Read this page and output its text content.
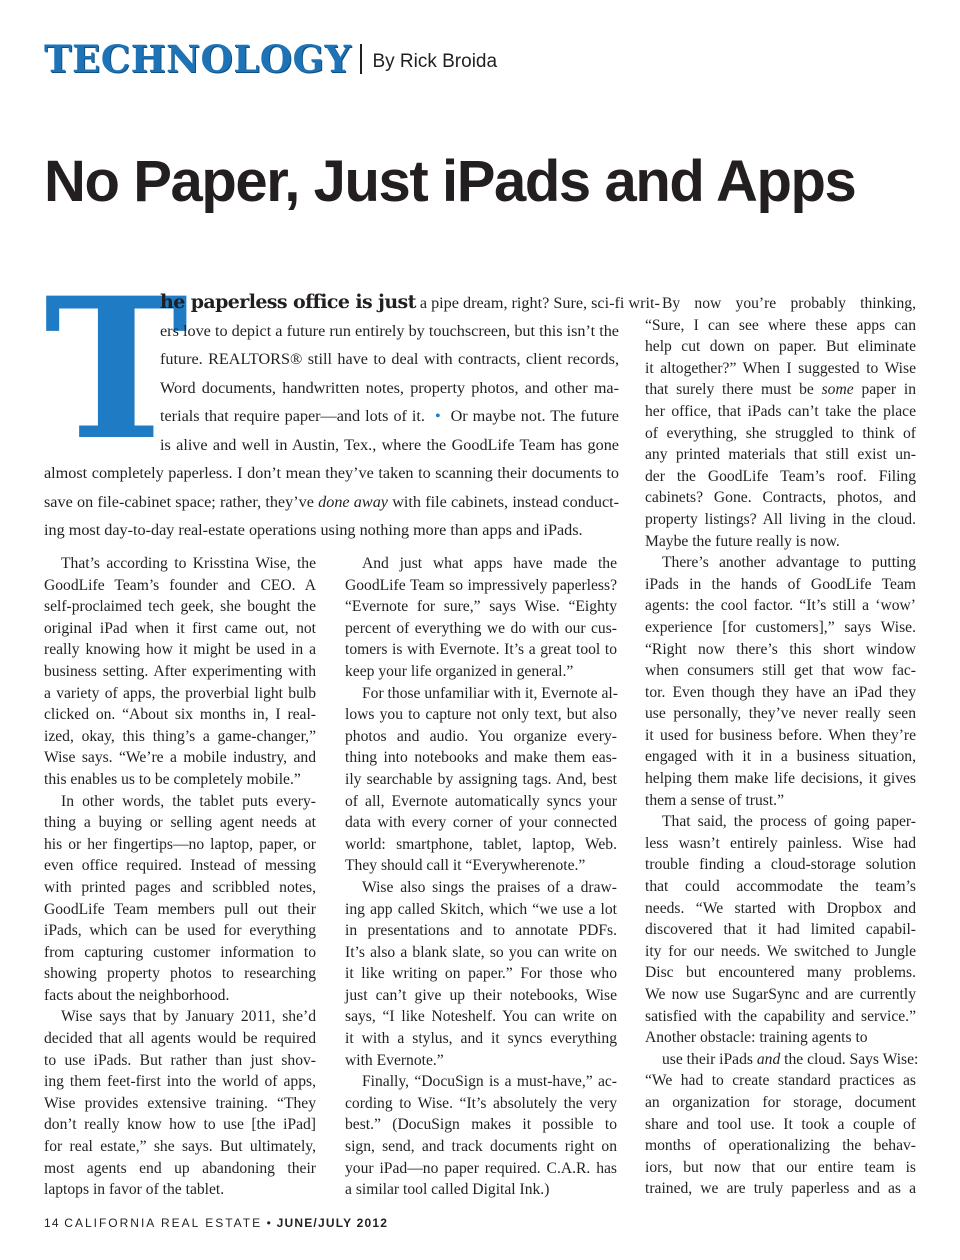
TECHNOLOGY By Rick Broida
No Paper, Just iPads and Apps
T
he paperless office is just a pipe dream, right? Sure, sci-fi writ-
ers love to depict a future run entirely by touchscreen, but this isn’t the
future. REALTORS® still have to deal with contracts, client records,
Word documents, handwritten notes, property photos, and other ma-
terials that require paper—and lots of it. • Or maybe not. The future
is alive and well in Austin, Tex., where the GoodLife Team has gone
almost completely paperless. I don’t mean they’ve taken to scanning their documents to
save on file-cabinet space; rather, they’ve done away with file cabinets, instead conduct-
ing most day-to-day real-estate operations using nothing more than apps and iPads.
That’s according to Krisstina Wise, the
GoodLife Team’s founder and CEO. A
self-proclaimed tech geek, she bought the
original iPad when it first came out, not
really knowing how it might be used in a
business setting. After experimenting with
a variety of apps, the proverbial light bulb
clicked on. “About six months in, I real-
ized, okay, this thing’s a game-changer,”
Wise says. “We’re a mobile industry, and
this enables us to be completely mobile.”
In other words, the tablet puts every-
thing a buying or selling agent needs at
his or her fingertips—no laptop, paper, or
even office required. Instead of messing
with printed pages and scribbled notes,
GoodLife Team members pull out their
iPads, which can be used for everything
from capturing customer information to
showing property photos to researching
facts about the neighborhood.
Wise says that by January 2011, she’d
decided that all agents would be required
to use iPads. But rather than just shov-
ing them feet-first into the world of apps,
Wise provides extensive training. “They
don’t really know how to use [the iPad]
for real estate,” she says. But ultimately,
most agents end up abandoning their
laptops in favor of the tablet.
And just what apps have made the
GoodLife Team so impressively paperless?
“Evernote for sure,” says Wise. “Eighty
percent of everything we do with our cus-
tomers is with Evernote. It’s a great tool to
keep your life organized in general.”
For those unfamiliar with it, Evernote al-
lows you to capture not only text, but also
photos and audio. You organize every-
thing into notebooks and make them eas-
ily searchable by assigning tags. And, best
of all, Evernote automatically syncs your
data with every corner of your connected
world: smartphone, tablet, laptop, Web.
They should call it “Everywherenote.”
Wise also sings the praises of a draw-
ing app called Skitch, which “we use a lot
in presentations and to annotate PDFs.
It’s also a blank slate, so you can write on
it like writing on paper.” For those who
just can’t give up their notebooks, Wise
says, “I like Noteshelf. You can write on
it with a stylus, and it syncs everything
with Evernote.”
Finally, “DocuSign is a must-have,” ac-
cording to Wise. “It’s absolutely the very
best.” (DocuSign makes it possible to
sign, send, and track documents right on
your iPad—no paper required. C.A.R. has
a similar tool called Digital Ink.)
By now you’re probably thinking,
“Sure, I can see where these apps can
help cut down on paper. But eliminate
it altogether?” When I suggested to Wise
that surely there must be some paper in
her office, that iPads can’t take the place
of everything, she struggled to think of
any printed materials that still exist un-
der the GoodLife Team’s roof. Filing
cabinets? Gone. Contracts, photos, and
property listings? All living in the cloud.
Maybe the future really is now.
There’s another advantage to putting
iPads in the hands of GoodLife Team
agents: the cool factor. “It’s still a ‘wow’
experience [for customers],” says Wise.
“Right now there’s this short window
when consumers still get that wow fac-
tor. Even though they have an iPad they
use personally, they’ve never really seen
it used for business before. When they’re
engaged with it in a business situation,
helping them make life decisions, it gives
them a sense of trust.”
That said, the process of going paper-
less wasn’t entirely painless. Wise had
trouble finding a cloud-storage solution
that could accommodate the team’s
needs. “We started with Dropbox and
discovered that it had limited capabil-
ity for our needs. We switched to Jungle
Disc but encountered many problems.
We now use SugarSync and are currently
satisfied with the capability and service.”
Another obstacle: training agents to
use their iPads and the cloud. Says Wise:
“We had to create standard practices as
an organization for storage, document
share and tool use. It took a couple of
months of operationalizing the behav-
iors, but now that our entire team is
trained, we are truly paperless and as a
14 CALIFORNIA REAL ESTATE • JUNE/JULY 2012
